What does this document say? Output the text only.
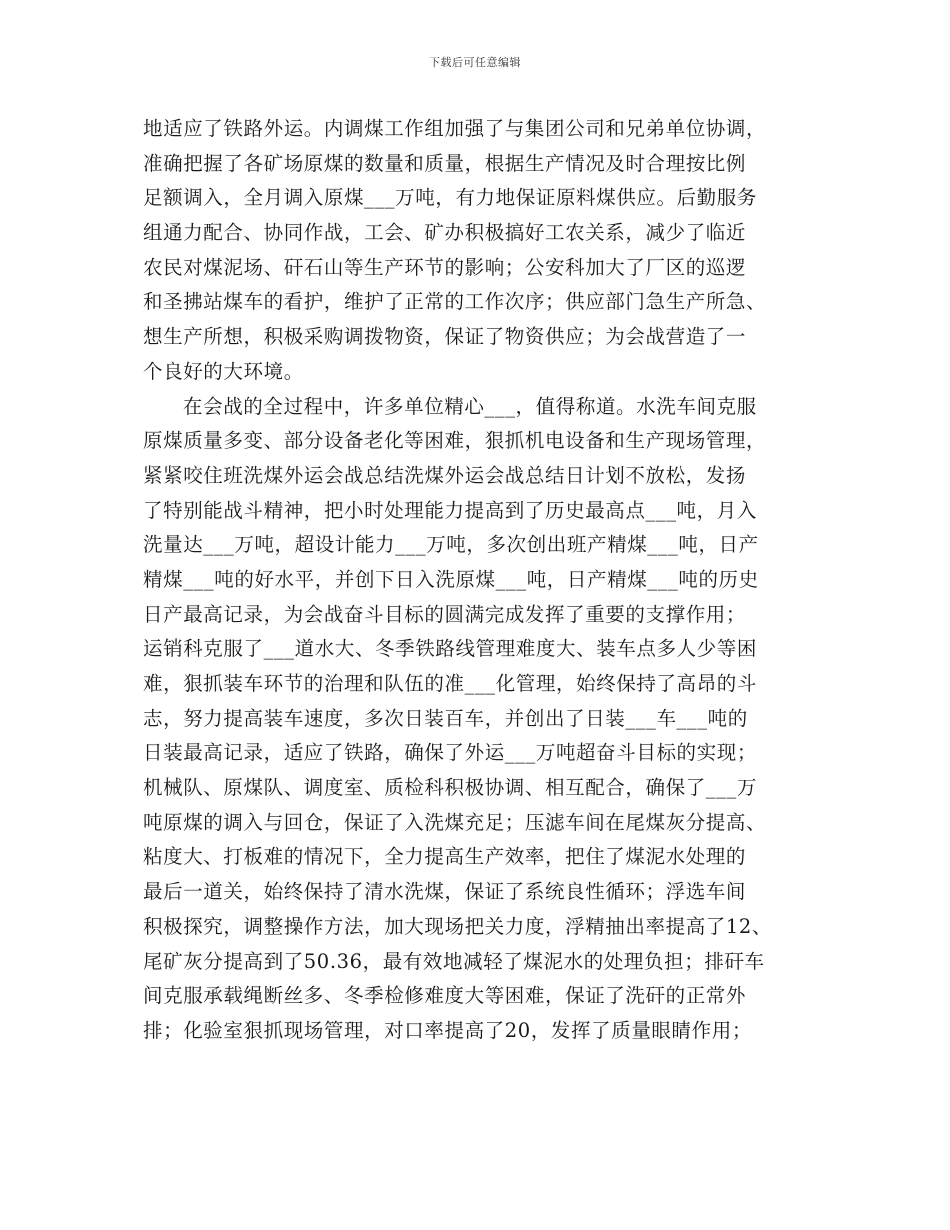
下载后可任意编辑
地适应了铁路外运。内调煤工作组加强了与集团公司和兄弟单位协调，
准确把握了各矿场原煤的数量和质量，根据生产情况及时合理按比例
足额调入，全月调入原煤___万吨，有力地保证原料煤供应。后勤服务
组通力配合、协同作战，工会、矿办积极搞好工农关系，减少了临近
农民对煤泥场、矸石山等生产环节的影响；公安科加大了厂区的巡逻
和圣拂站煤车的看护，维护了正常的工作次序；供应部门急生产所急、
想生产所想，积极采购调拨物资，保证了物资供应；为会战营造了一
个良好的大环境。
在会战的全过程中，许多单位精心___，值得称道。水洗车间克服
原煤质量多变、部分设备老化等困难，狠抓机电设备和生产现场管理，
紧紧咬住班洗煤外运会战总结洗煤外运会战总结日计划不放松，发扬
了特别能战斗精神，把小时处理能力提高到了历史最高点___吨，月入
洗量达___万吨，超设计能力___万吨，多次创出班产精煤___吨，日产
精煤___吨的好水平，并创下日入洗原煤___吨，日产精煤___吨的历史
日产最高记录，为会战奋斗目标的圆满完成发挥了重要的支撑作用；
运销科克服了___道水大、冬季铁路线管理难度大、装车点多人少等困
难，狠抓装车环节的治理和队伍的准___化管理，始终保持了高昂的斗
志，努力提高装车速度，多次日装百车，并创出了日装___车___吨的
日装最高记录，适应了铁路，确保了外运___万吨超奋斗目标的实现；
机械队、原煤队、调度室、质检科积极协调、相互配合，确保了___万
吨原煤的调入与回仓，保证了入洗煤充足；压滤车间在尾煤灰分提高、
粘度大、打板难的情况下，全力提高生产效率，把住了煤泥水处理的
最后一道关，始终保持了清水洗煤，保证了系统良性循环；浮选车间
积极探究，调整操作方法，加大现场把关力度，浮精抽出率提高了12、
尾矿灰分提高到了50.36，最有效地减轻了煤泥水的处理负担；排矸车
间克服承载绳断丝多、冬季检修难度大等困难，保证了洗矸的正常外
排；化验室狠抓现场管理，对口率提高了20，发挥了质量眼睛作用；
